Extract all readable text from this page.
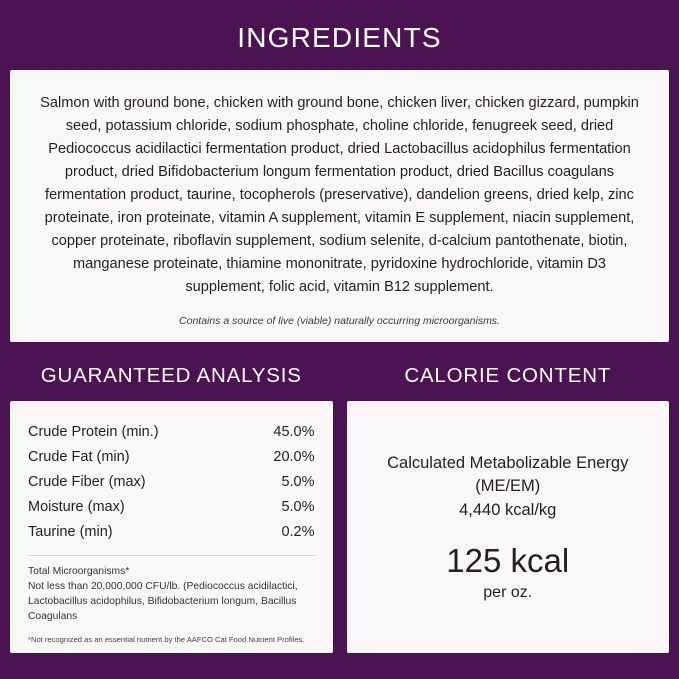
INGREDIENTS
Salmon with ground bone, chicken with ground bone, chicken liver, chicken gizzard, pumpkin seed, potassium chloride, sodium phosphate, choline chloride, fenugreek seed, dried Pediococcus acidilactici fermentation product, dried Lactobacillus acidophilus fermentation product, dried Bifidobacterium longum fermentation product, dried Bacillus coagulans fermentation product, taurine, tocopherols (preservative), dandelion greens, dried kelp, zinc proteinate, iron proteinate, vitamin A supplement, vitamin E supplement, niacin supplement, copper proteinate, riboflavin supplement, sodium selenite, d-calcium pantothenate, biotin, manganese proteinate, thiamine mononitrate, pyridoxine hydrochloride, vitamin D3 supplement, folic acid, vitamin B12 supplement.
Contains a source of live (viable) naturally occurring microorganisms.
GUARANTEED ANALYSIS
Crude Protein (min.)	45.0%
Crude Fat (min)	20.0%
Crude Fiber (max)	5.0%
Moisture (max)	5.0%
Taurine (min)	0.2%
Total Microorganisms*
Not less than 20,000,000 CFU/lb. (Pediococcus acidilactici, Lactobacillus acidophilus, Bifidobacterium longum, Bacillus Coagulans
*Not recognized as an essential nutrient by the AAFCO Cat Food Nutrient Profiles.
CALORIE CONTENT
Calculated Metabolizable Energy (ME/EM)
4,440 kcal/kg
125 kcal
per oz.
